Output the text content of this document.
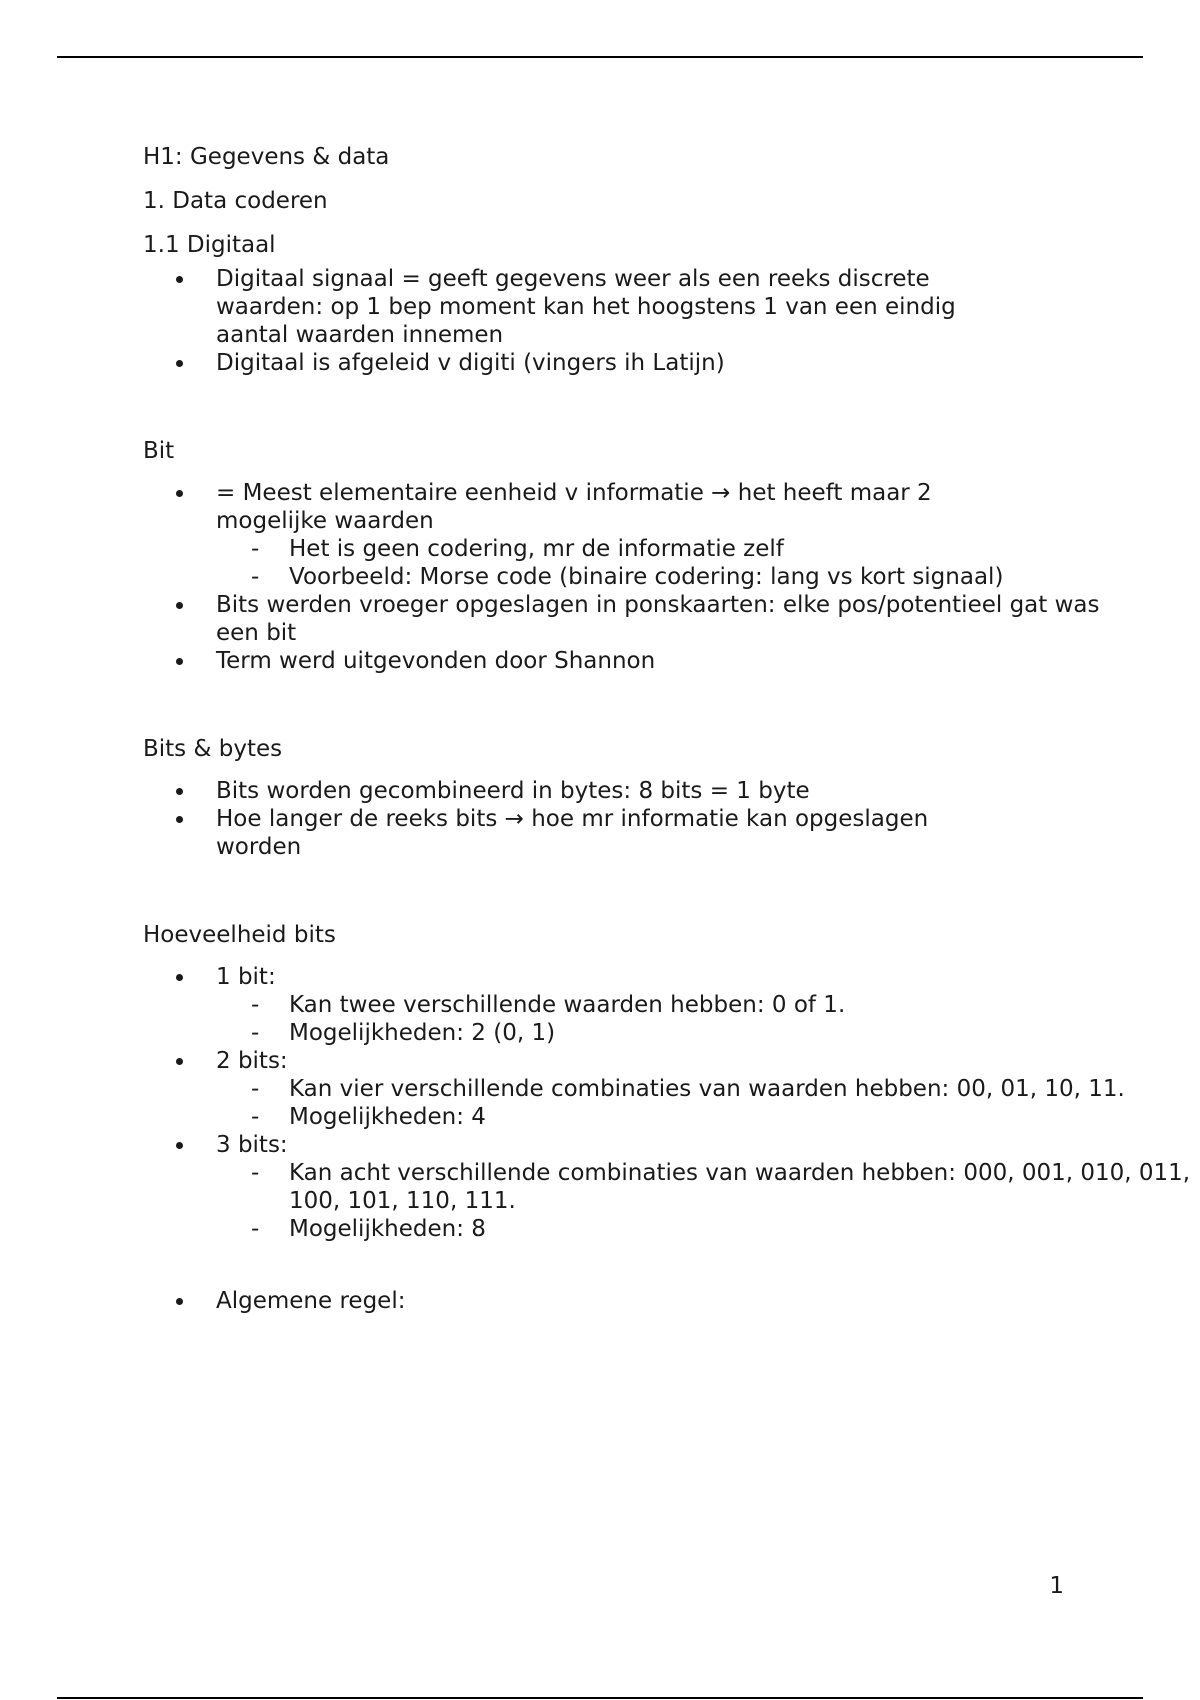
H1: Gegevens & data

1. Data coderen

1.1 Digitaal

Digitaal signaal = geeft gegevens weer als een reeks discrete waarden: op 1 bep moment kan het hoogstens 1 van een eindig aantal waarden innemen
Digitaal is afgeleid v digiti (vingers ih Latijn)

Bit

= Meest elementaire eenheid v informatie → het heeft maar 2 mogelijke waarden
- Het is geen codering, mr de informatie zelf
- Voorbeeld: Morse code (binaire codering: lang vs kort signaal)
Bits werden vroeger opgeslagen in ponskaarten: elke pos/potentieel gat was een bit
Term werd uitgevonden door Shannon

Bits & bytes

Bits worden gecombineerd in bytes: 8 bits = 1 byte
Hoe langer de reeks bits → hoe mr informatie kan opgeslagen worden

Hoeveelheid bits

1 bit:
- Kan twee verschillende waarden hebben: 0 of 1.
- Mogelijkheden: 2 (0, 1)
2 bits:
- Kan vier verschillende combinaties van waarden hebben: 00, 01, 10, 11.
- Mogelijkheden: 4
3 bits:
- Kan acht verschillende combinaties van waarden hebben: 000, 001, 010, 011, 100, 101, 110, 111.
- Mogelijkheden: 8
Algemene regel:
1
